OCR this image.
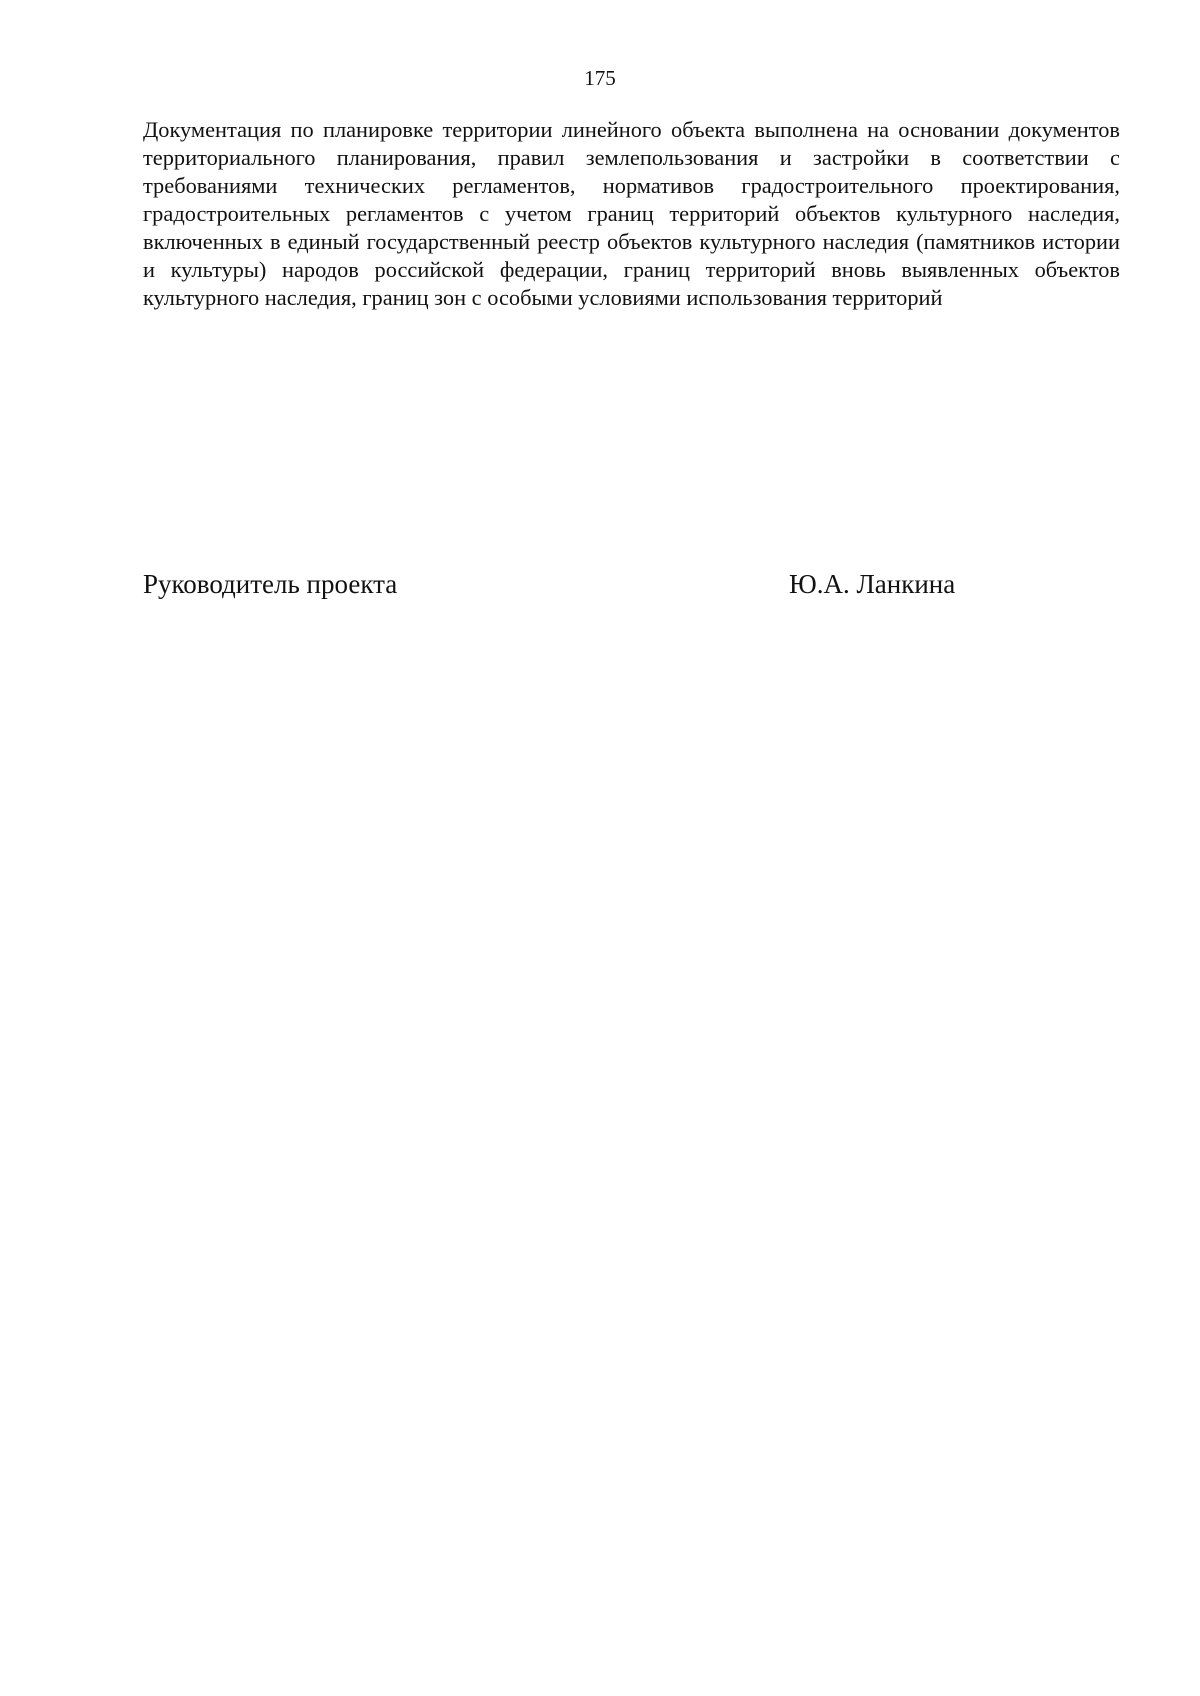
175

Документация по планировке территории линейного объекта выполнена на основании документов территориального планирования, правил землепользования и застройки в соответствии с требованиями технических регламентов, нормативов градостроительного проектирования, градостроительных регламентов с учетом границ территорий объектов культурного наследия, включенных в единый государственный реестр объектов культурного наследия (памятников истории и культуры) народов российской федерации, границ территорий вновь выявленных объектов культурного наследия, границ зон с особыми условиями использования территорий

Руководитель проекта	Ю.А. Ланкина
